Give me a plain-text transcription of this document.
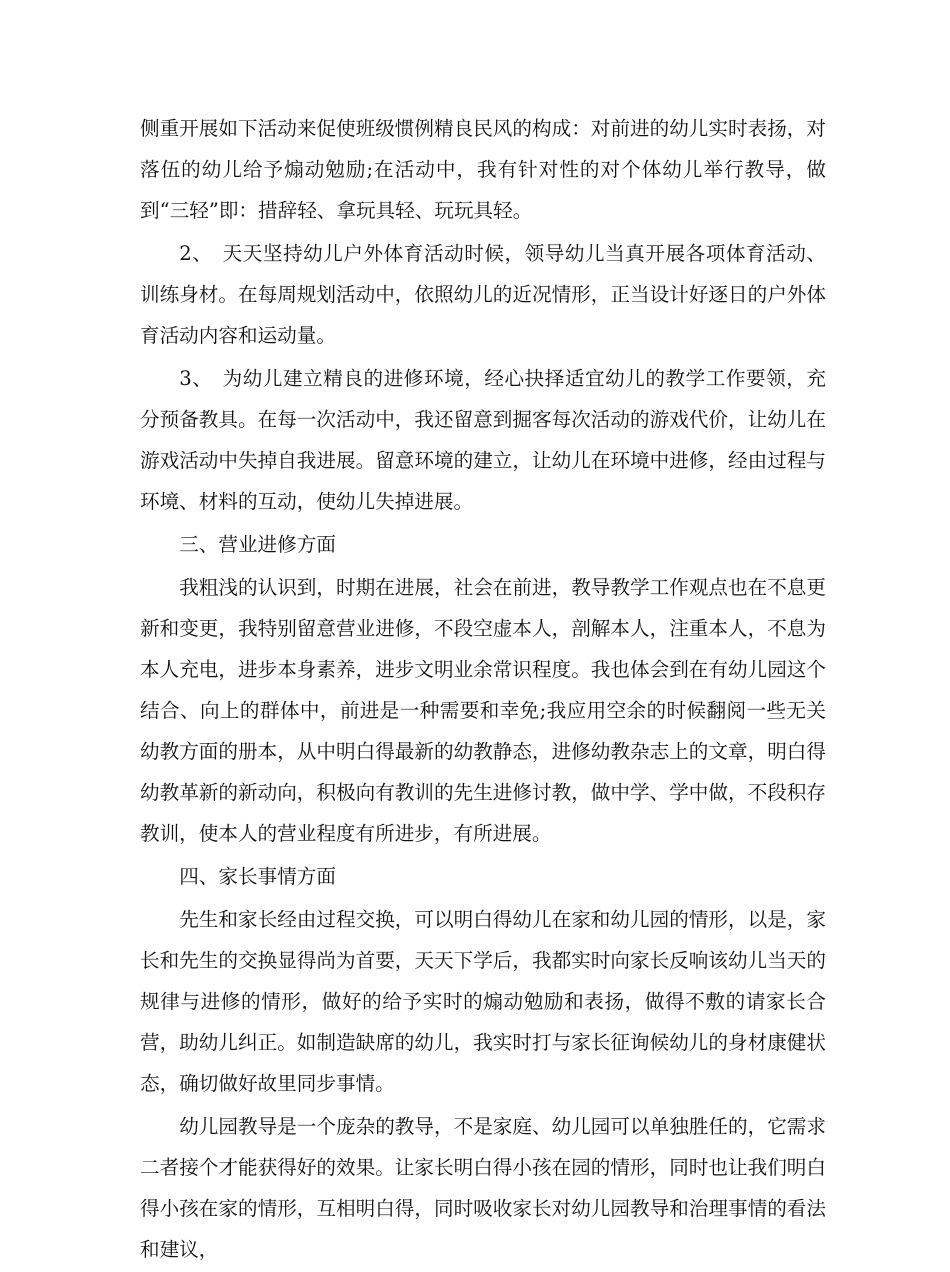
侧重开展如下活动来促使班级惯例精良民风的构成：对前进的幼儿实时表扬，对落伍的幼儿给予煽动勉励;在活动中，我有针对性的对个体幼儿举行教导，做到“三轻”即：措辞轻、拿玩具轻、玩玩具轻。

2、　天天坚持幼儿户外体育活动时候，领导幼儿当真开展各项体育活动、训练身材。在每周规划活动中，依照幼儿的近况情形，正当设计好逐日的户外体育活动内容和运动量。

3、　为幼儿建立精良的进修环境，经心抉择适宜幼儿的教学工作要领，充分预备教具。在每一次活动中，我还留意到掘客每次活动的游戏代价，让幼儿在游戏活动中失掉自我进展。留意环境的建立，让幼儿在环境中进修，经由过程与环境、材料的互动，使幼儿失掉进展。

三、营业进修方面

我粗浅的认识到，时期在进展，社会在前进，教导教学工作观点也在不息更新和变更，我特别留意营业进修，不段空虚本人，剖解本人，注重本人，不息为本人充电，进步本身素养，进步文明业余常识程度。我也体会到在有幼儿园这个结合、向上的群体中，前进是一种需要和幸免;我应用空余的时候翻阅一些无关幼教方面的册本，从中明白得最新的幼教静态，进修幼教杂志上的文章，明白得幼教革新的新动向，积极向有教训的先生进修讨教，做中学、学中做，不段积存教训，使本人的营业程度有所进步，有所进展。

四、家长事情方面

先生和家长经由过程交换，可以明白得幼儿在家和幼儿园的情形，以是，家长和先生的交换显得尚为首要，天天下学后，我都实时向家长反响该幼儿当天的规律与进修的情形，做好的给予实时的煽动勉励和表扬，做得不敷的请家长合营，助幼儿纠正。如制造缺席的幼儿，我实时打与家长征询候幼儿的身材康健状态，确切做好故里同步事情。

幼儿园教导是一个庞杂的教导，不是家庭、幼儿园可以单独胜任的，它需求二者接个才能获得好的效果。让家长明白得小孩在园的情形，同时也让我们明白得小孩在家的情形，互相明白得，同时吸收家长对幼儿园教导和治理事情的看法和建议，
